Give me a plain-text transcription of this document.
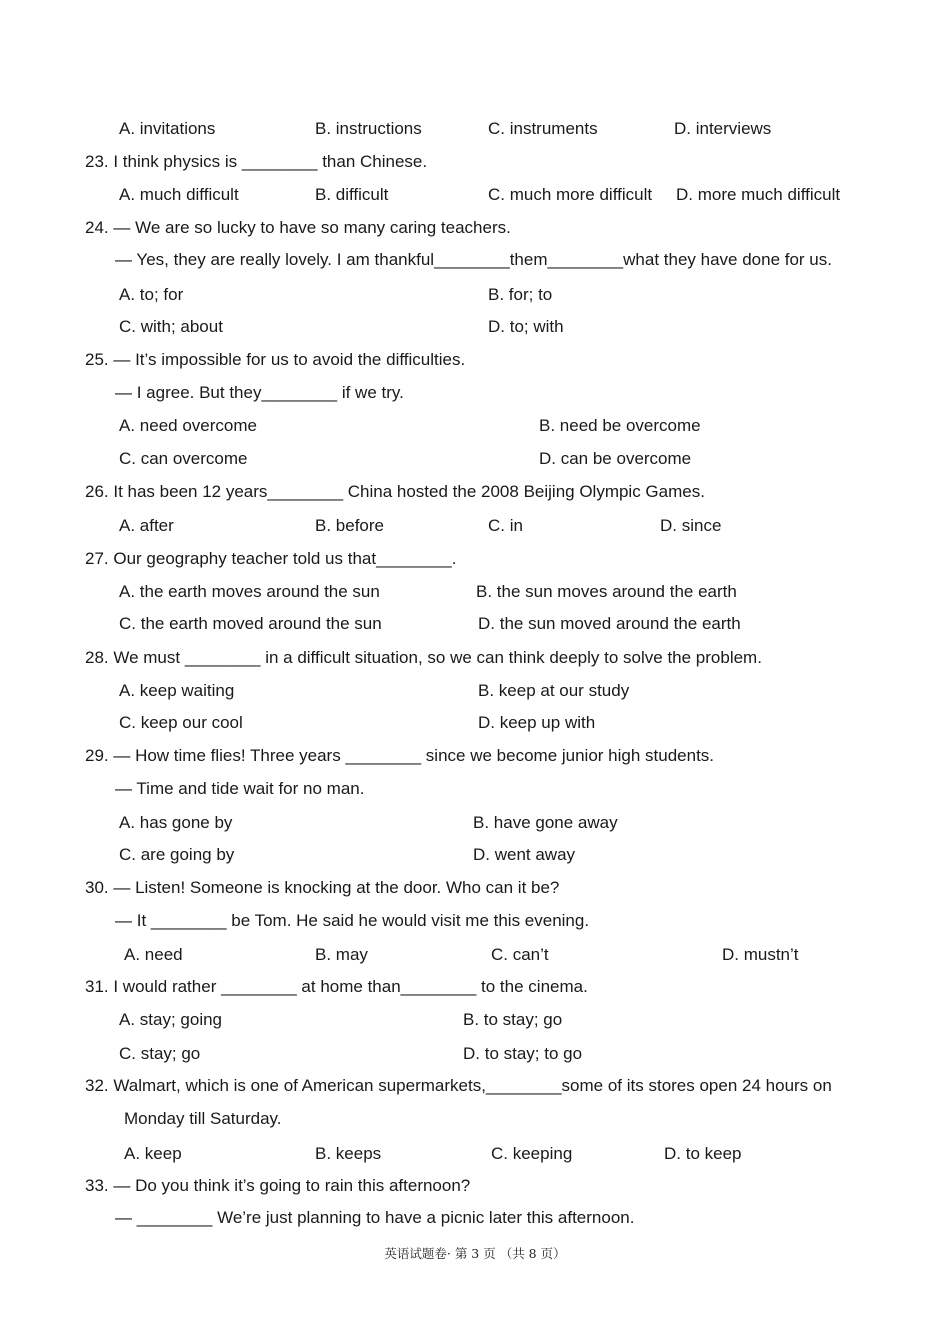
A. invitations	B. instructions	C. instruments	D. interviews
23. I think physics is ________ than Chinese.
A. much difficult	B. difficult	C. much more difficult D. more much difficult
24. — We are so lucky to have so many caring teachers.
— Yes, they are really lovely. I am thankful________them________what they have done for us.
A. to; for	B. for; to
C. with; about	D. to; with
25. — It’s impossible for us to avoid the difficulties.
— I agree. But they________ if we try.
A. need overcome	B. need be overcome
C. can overcome	D. can be overcome
26. It has been 12 years________ China hosted the 2008 Beijing Olympic Games.
A. after	B. before	C. in	D. since
27. Our geography teacher told us that________.
A. the earth moves around the sun	B. the sun moves around the earth
C. the earth moved around the sun	D. the sun moved around the earth
28. We must ________ in a difficult situation, so we can think deeply to solve the problem.
A. keep waiting	B. keep at our study
C. keep our cool	D. keep up with
29. — How time flies! Three years ________ since we become junior high students.
— Time and tide wait for no man.
A. has gone by	B. have gone away
C. are going by	D. went away
30. — Listen! Someone is knocking at the door. Who can it be?
— It ________ be Tom. He said he would visit me this evening.
A. need	B. may	C. can’t	D. mustn’t
31. I would rather ________ at home than________ to the cinema.
A. stay; going	B. to stay; go
C. stay; go	D. to stay; to go
32. Walmart, which is one of American supermarkets,________some of its stores open 24 hours on
Monday till Saturday.
A. keep	B. keeps	C. keeping	D. to keep
33. — Do you think it’s going to rain this afternoon?
— ________ We’re just planning to have a picnic later this afternoon.
英语试题卷· 第 3 页 （共 8 页）
